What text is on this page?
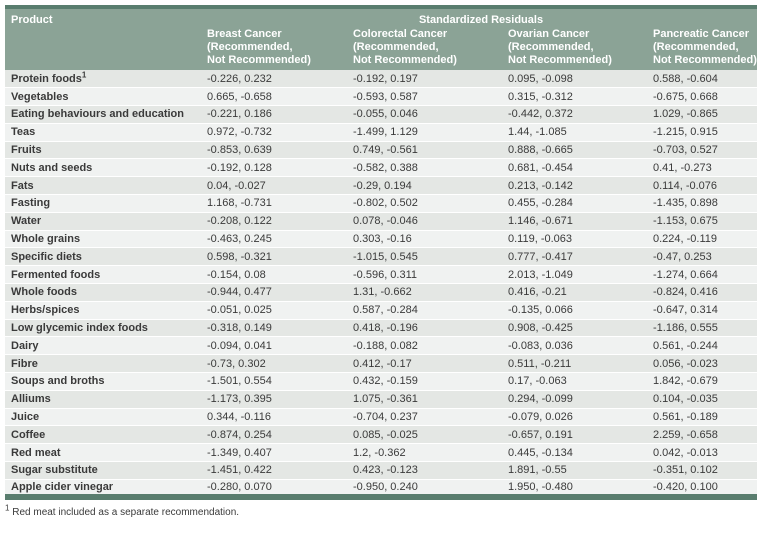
Product	Standardized Residuals			

	Breast Cancer
(Recommended,
Not Recommended)	Colorectal Cancer
(Recommended,
Not Recommended)	Ovarian Cancer
(Recommended,
Not Recommended)	Pancreatic Cancer
(Recommended,
Not Recommended)

Protein foods$^1$	-0.226, 0.232	-0.192, 0.197	0.095, -0.098	0.588, -0.604
Vegetables	0.665, -0.658	-0.593, 0.587	0.315, -0.312	-0.675, 0.668
Eating behaviours and education	-0.221, 0.186	-0.055, 0.046	-0.442, 0.372	1.029, -0.865
Teas	0.972, -0.732	-1.499, 1.129	1.44, -1.085	-1.215, 0.915
Fruits	-0.853, 0.639	0.749, -0.561	0.888, -0.665	-0.703, 0.527
Nuts and seeds	-0.192, 0.128	-0.582, 0.388	0.681, -0.454	0.41, -0.273
Fats	0.04, -0.027	-0.29, 0.194	0.213, -0.142	0.114, -0.076
Fasting	1.168, -0.731	-0.802, 0.502	0.455, -0.284	-1.435, 0.898
Water	-0.208, 0.122	0.078, -0.046	1.146, -0.671	-1.153, 0.675
Whole grains	-0.463, 0.245	0.303, -0.16	0.119, -0.063	0.224, -0.119
Specific diets	0.598, -0.321	-1.015, 0.545	0.777, -0.417	-0.47, 0.253
Fermented foods	-0.154, 0.08	-0.596, 0.311	2.013, -1.049	-1.274, 0.664
Whole foods	-0.944, 0.477	1.31, -0.662	0.416, -0.21	-0.824, 0.416
Herbs/spices	-0.051, 0.025	0.587, -0.284	-0.135, 0.066	-0.647, 0.314
Low glycemic index foods	-0.318, 0.149	0.418, -0.196	0.908, -0.425	-1.186, 0.555
Dairy	-0.094, 0.041	-0.188, 0.082	-0.083, 0.036	0.561, -0.244
Fibre	-0.73, 0.302	0.412, -0.17	0.511, -0.211	0.056, -0.023
Soups and broths	-1.501, 0.554	0.432, -0.159	0.17, -0.063	1.842, -0.679
Alliums	-1.173, 0.395	1.075, -0.361	0.294, -0.099	0.104, -0.035
Juice	0.344, -0.116	-0.704, 0.237	-0.079, 0.026	0.561, -0.189
Coffee	-0.874, 0.254	0.085, -0.025	-0.657, 0.191	2.259, -0.658
Red meat	-1.349, 0.407	1.2, -0.362	0.445, -0.134	0.042, -0.013
Sugar substitute	-1.451, 0.422	0.423, -0.123	1.891, -0.55	-0.351, 0.102
Apple cider vinegar	-0.280, 0.070	-0.950, 0.240	1.950, -0.480	-0.420, 0.100
$^1$ Red meat included as a separate recommendation.
